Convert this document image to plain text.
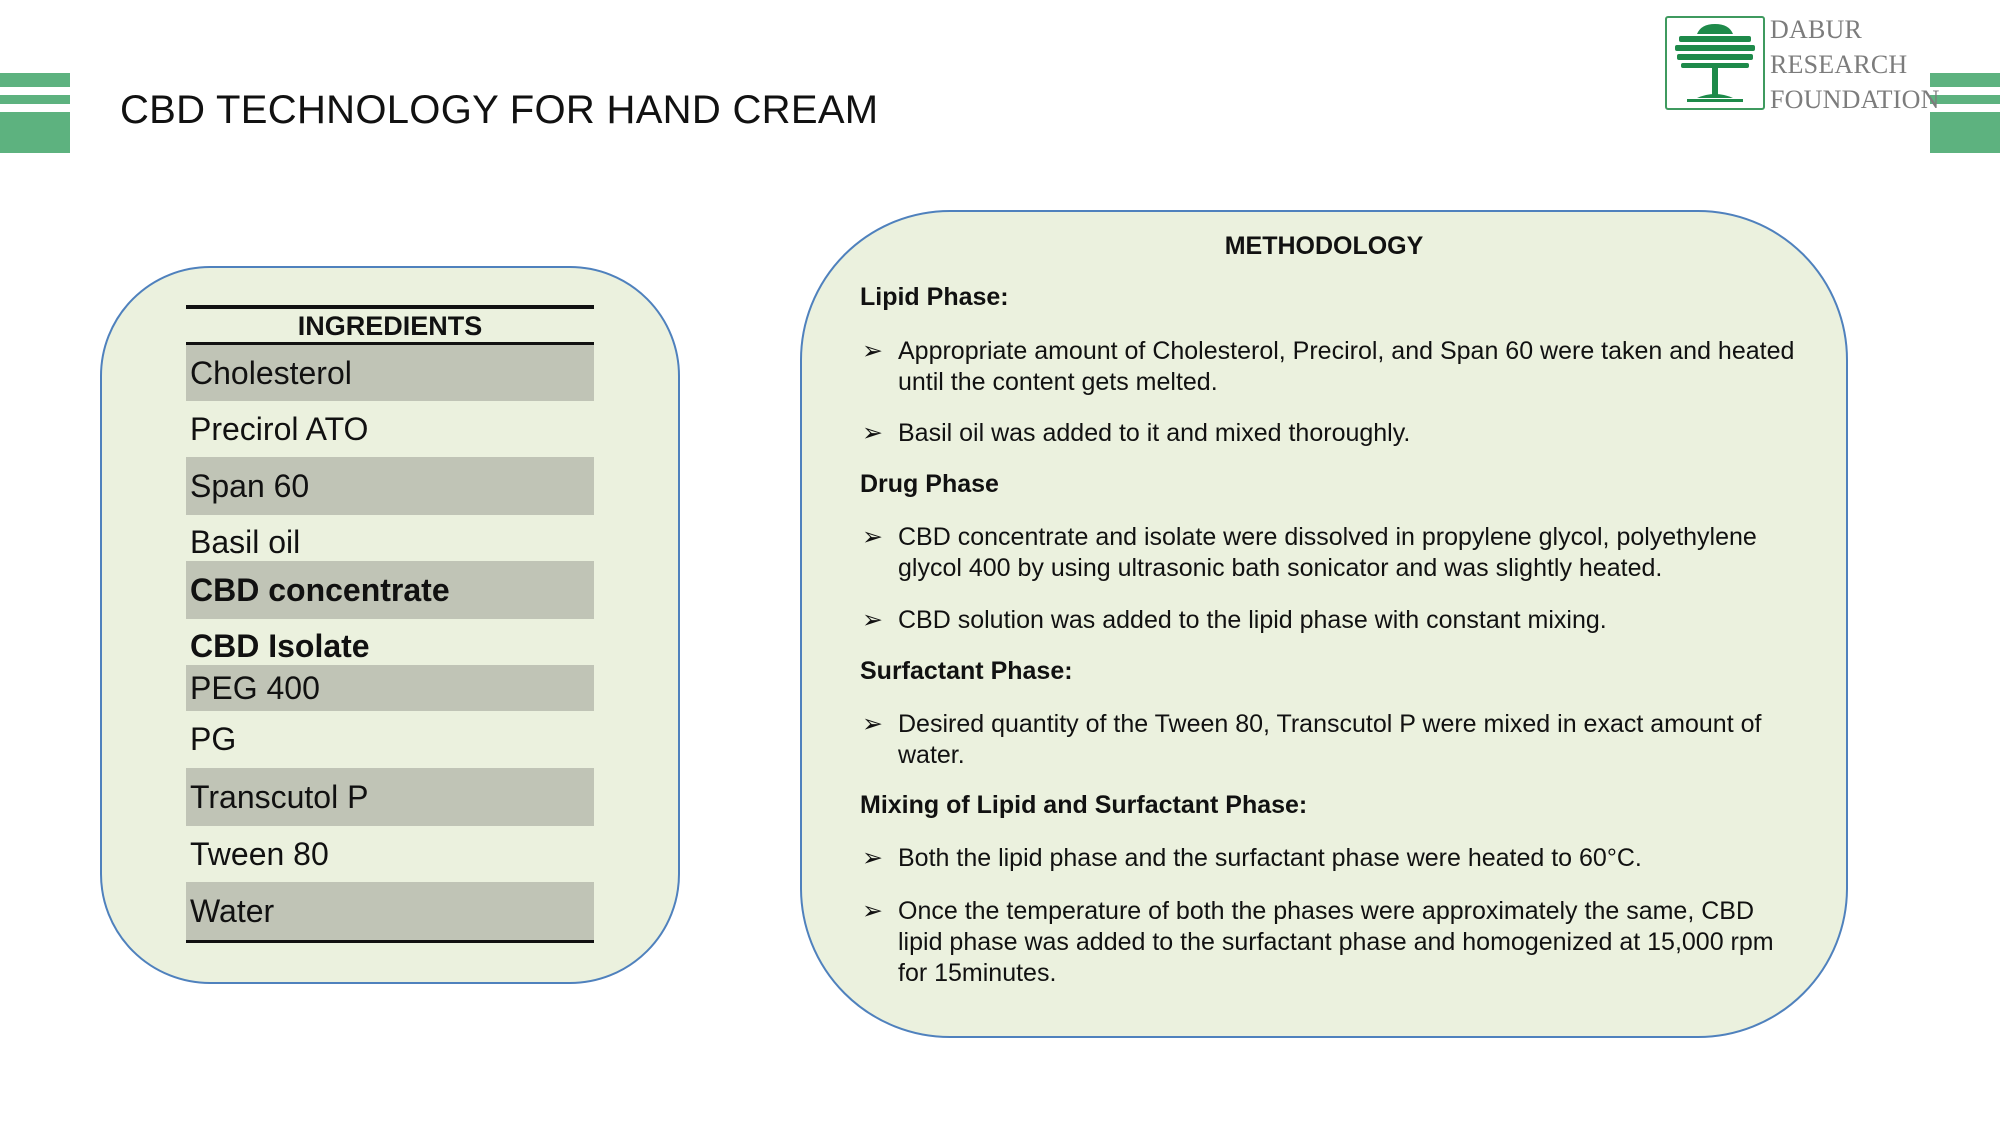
CBD TECHNOLOGY FOR HAND CREAM
DABUR
RESEARCH
FOUNDATION
INGREDIENTS
Cholesterol
Precirol ATO
Span 60
Basil oil
CBD concentrate
CBD Isolate
PEG 400
PG
Transcutol P
Tween 80
Water
METHODOLOGY
Lipid Phase:
➢ Appropriate amount of Cholesterol, Precirol, and Span 60 were taken and heated until the content gets melted.
➢ Basil oil was added to it and mixed thoroughly.
Drug Phase
➢ CBD concentrate and isolate were dissolved in propylene glycol, polyethylene glycol 400 by using ultrasonic bath sonicator and was slightly heated.
➢ CBD solution was added to the lipid phase with constant mixing.
Surfactant Phase:
➢ Desired quantity of the Tween 80, Transcutol P were mixed in exact amount of water.
Mixing of Lipid and Surfactant Phase:
➢ Both the lipid phase and the surfactant phase were heated to 60°C.
➢ Once the temperature of both the phases were approximately the same, CBD lipid phase was added to the surfactant phase and homogenized at 15,000 rpm for 15minutes.
